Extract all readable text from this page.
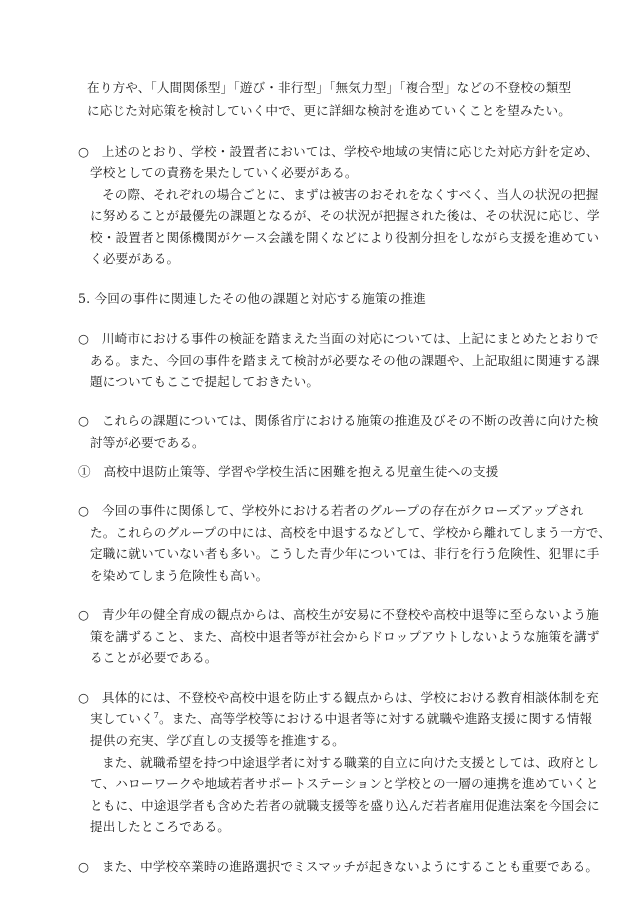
在り方や、「人間関係型」「遊び・非行型」「無気力型」「複合型」などの不登校の類型
に応じた対応策を検討していく中で、更に詳細な検討を進めていくことを望みたい。
○　上述のとおり、学校・設置者においては、学校や地域の実情に応じた対応方針を定め、
学校としての責務を果たしていく必要がある。
その際、それぞれの場合ごとに、まずは被害のおそれをなくすべく、当人の状況の把握
に努めることが最優先の課題となるが、その状況が把握された後は、その状況に応じ、学
校・設置者と関係機関がケース会議を開くなどにより役割分担をしながら支援を進めてい
く必要がある。
5. 今回の事件に関連したその他の課題と対応する施策の推進
○　川崎市における事件の検証を踏まえた当面の対応については、上記にまとめたとおりで
ある。また、今回の事件を踏まえて検討が必要なその他の課題や、上記取組に関連する課
題についてもここで提起しておきたい。
○　これらの課題については、関係省庁における施策の推進及びその不断の改善に向けた検
討等が必要である。
①　高校中退防止策等、学習や学校生活に困難を抱える児童生徒への支援
○　今回の事件に関係して、学校外における若者のグループの存在がクローズアップされ
た。これらのグループの中には、高校を中退するなどして、学校から離れてしまう一方で、
定職に就いていない者も多い。こうした青少年については、非行を行う危険性、犯罪に手
を染めてしまう危険性も高い。
○　青少年の健全育成の観点からは、高校生が安易に不登校や高校中退等に至らないよう施
策を講ずること、また、高校中退者等が社会からドロップアウトしないような施策を講ず
ることが必要である。
○　具体的には、不登校や高校中退を防止する観点からは、学校における教育相談体制を充
実していく$^7$。また、高等学校等における中退者等に対する就職や進路支援に関する情報
提供の充実、学び直しの支援等を推進する。
また、就職希望を持つ中途退学者に対する職業的自立に向けた支援としては、政府とし
て、ハローワークや地域若者サポートステーションと学校との一層の連携を進めていくと
ともに、中途退学者も含めた若者の就職支援等を盛り込んだ若者雇用促進法案を今国会に
提出したところである。
○　また、中学校卒業時の進路選択でミスマッチが起きないようにすることも重要である。
